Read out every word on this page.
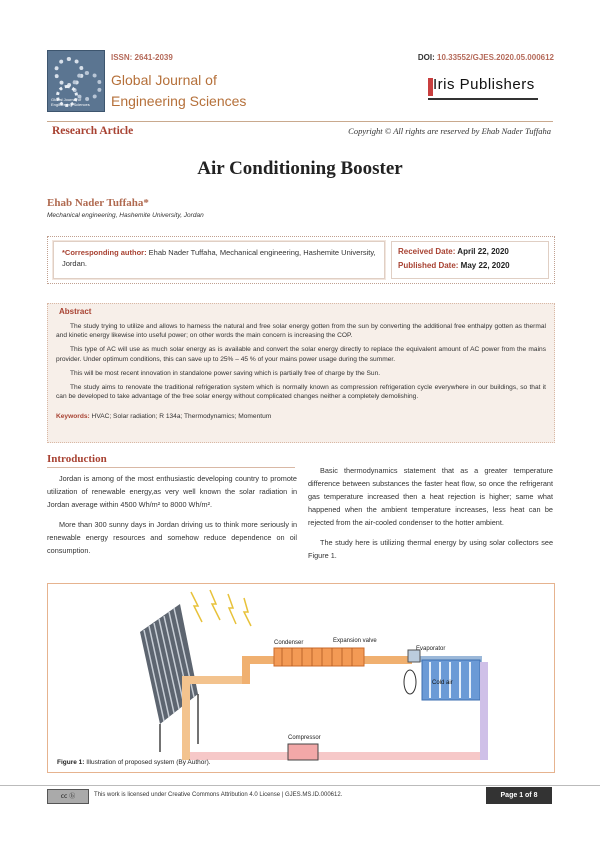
Global Journal of
Engineering Sciences
ISSN: 2641-2039
Global Journal of
Engineering Sciences
DOI: 10.33552/GJES.2020.05.000612
Iris Publishers
Research Article	Copyright © All rights are reserved by Ehab Nader Tuffaha
Air Conditioning Booster
Ehab Nader Tuffaha*
Mechanical engineering, Hashemite University, Jordan

*Corresponding author: Ehab Nader Tuffaha, Mechanical engineering, Hashemite University, Jordan.

Received Date: April 22, 2020
Published Date: May 22, 2020

Abstract

The study trying to utilize and allows to harness the natural and free solar energy gotten from the sun by converting the additional free enthalpy gotten as thermal and kinetic energy likewise into useful power; on other words the main concern is increasing the COP.

This type of AC will use as much solar energy as is available and convert the solar energy directly to replace the equivalent amount of AC power from the mains provider. Under optimum conditions, this can save up to 25% – 45 % of your mains power usage during the summer.

This will be most recent innovation in standalone power saving which is partially free of charge by the Sun.

The study aims to renovate the traditional refrigeration system which is normally known as compression refrigeration cycle everywhere in our buildings, so that it can be developed to take advantage of the free solar energy without complicated changes neither a completely demolishing.

Keywords: HVAC; Solar radiation; R 134a; Thermodynamics; Momentum
Introduction

Jordan is among of the most enthusiastic developing country to promote utilization of renewable energy,as very well known the solar radiation in Jordan average within 4500 Wh/m² to 8000 Wh/m².

More than 300 sunny days in Jordan driving us to think more seriously in renewable energy resources and somehow reduce dependence on oil consumption.

Basic thermodynamics statement that as a greater temperature difference between substances the faster heat flow, so once the refrigerant gas temperature increased then a heat rejection is higher; same what happened when the ambient temperature increases, less heat can be rejected from the air-cooled condenser to the hotter ambient.

The study here is utilizing thermal energy by using solar collectors see Figure 1.

Expansion valve
Evaporator
Condenser
Cold air
Compressor
Figure 1: Illustration of proposed system (By Author).
cc ⓑ	This work is licensed under Creative Commons Attribution 4.0 License | GJES.MS.ID.000612.	Page 1 of 8
